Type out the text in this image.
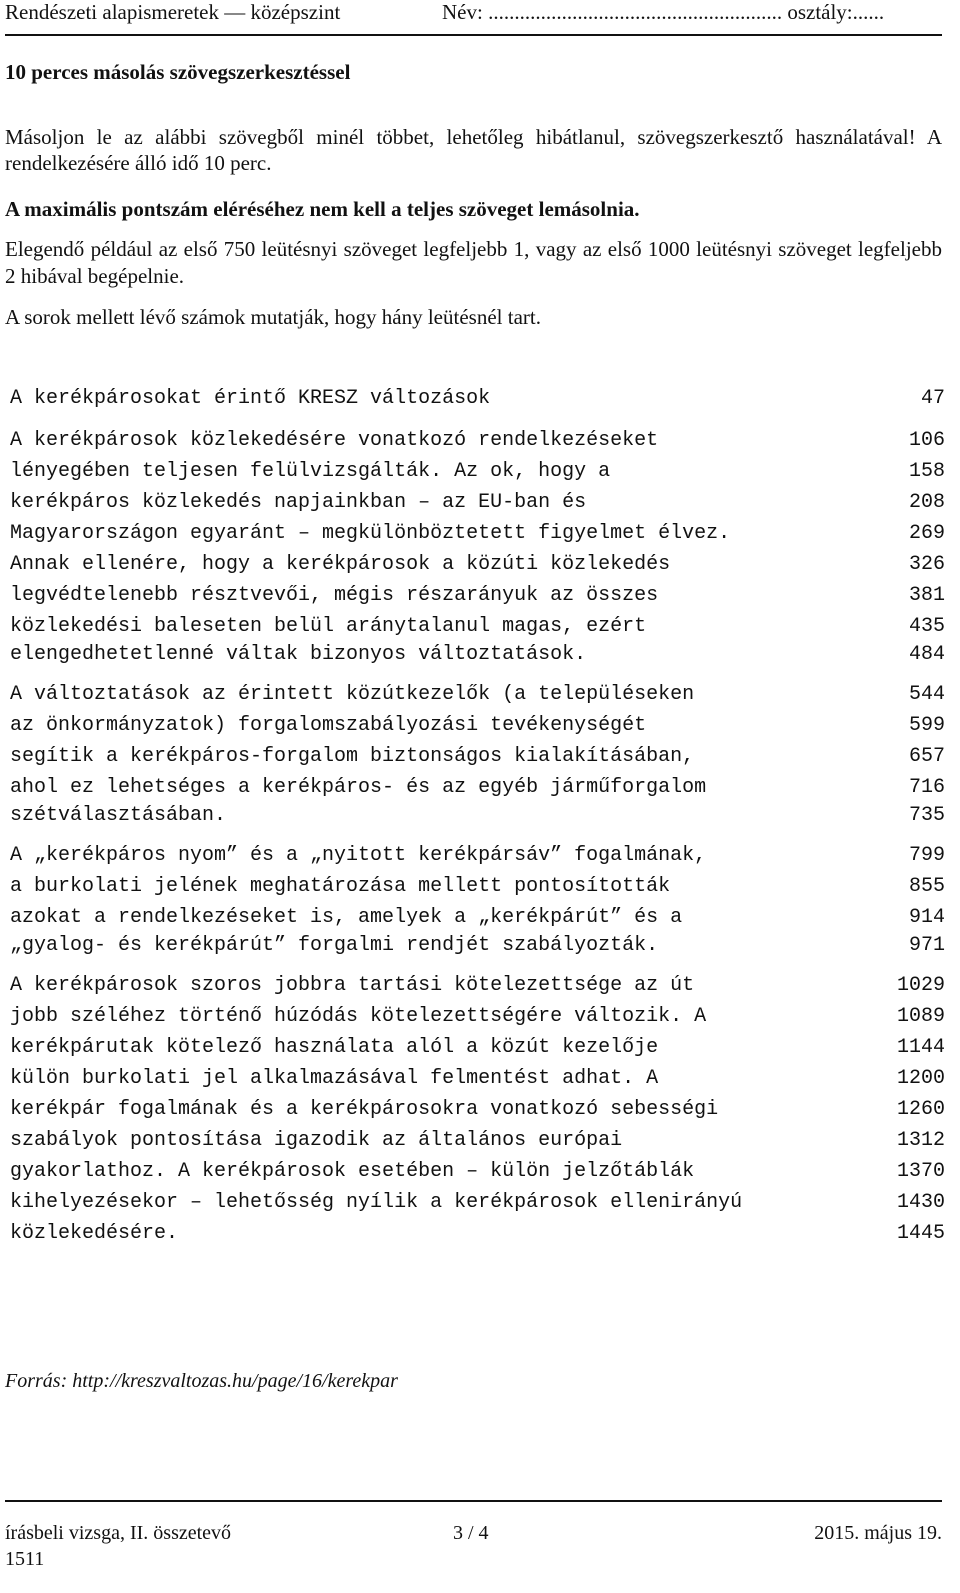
Rendészeti alapismeretek — középszint	Név: ........................................................ osztály:......
10 perces másolás szövegszerkesztéssel

Másoljon le az alábbi szövegből minél többet, lehetőleg hibátlanul, szövegszerkesztő használatával! A rendelkezésére álló idő 10 perc.

A maximális pontszám eléréséhez nem kell a teljes szöveget lemásolnia.

Elegendő például az első 750 leütésnyi szöveget legfeljebb 1, vagy az első 1000 leütésnyi szöveget legfeljebb 2 hibával begépelnie.

A sorok mellett lévő számok mutatják, hogy hány leütésnél tart.

A kerékpárosokat érintő KRESZ változások	47
A kerékpárosok közlekedésére vonatkozó rendelkezéseket	106
lényegében teljesen felülvizsgálták. Az ok, hogy a	158
kerékpáros közlekedés napjainkban – az EU-ban és	208
Magyarországon egyaránt – megkülönböztetett figyelmet élvez.	269
Annak ellenére, hogy a kerékpárosok a közúti közlekedés	326
legvédtelenebb résztvevői, mégis részarányuk az összes	381
közlekedési baleseten belül aránytalanul magas, ezért	435
elengedhetetlenné váltak bizonyos változtatások.	484
A változtatások az érintett közútkezelők (a településeken	544
az önkormányzatok) forgalomszabályozási tevékenységét	599
segítik a kerékpáros-forgalom biztonságos kialakításában,	657
ahol ez lehetséges a kerékpáros- és az egyéb járműforgalom	716
szétválasztásában.	735
A „kerékpáros nyom” és a „nyitott kerékpársáv” fogalmának,	799
a burkolati jelének meghatározása mellett pontosították	855
azokat a rendelkezéseket is, amelyek a „kerékpárút” és a	914
„gyalog- és kerékpárút” forgalmi rendjét szabályozták.	971
A kerékpárosok szoros jobbra tartási kötelezettsége az út	1029
jobb széléhez történő húzódás kötelezettségére változik. A	1089
kerékpárutak kötelező használata alól a közút kezelője	1144
külön burkolati jel alkalmazásával felmentést adhat. A	1200
kerékpár fogalmának és a kerékpárosokra vonatkozó sebességi	1260
szabályok pontosítása igazodik az általános európai	1312
gyakorlathoz. A kerékpárosok esetében – külön jelzőtáblák	1370
kihelyezésekor – lehetősség nyílik a kerékpárosok ellenirányú	1430
közlekedésére.	1445
Forrás: http://kreszvaltozas.hu/page/16/kerekpar
írásbeli vizsga, II. összetevő	3 / 4	2015. május 19.
1511
